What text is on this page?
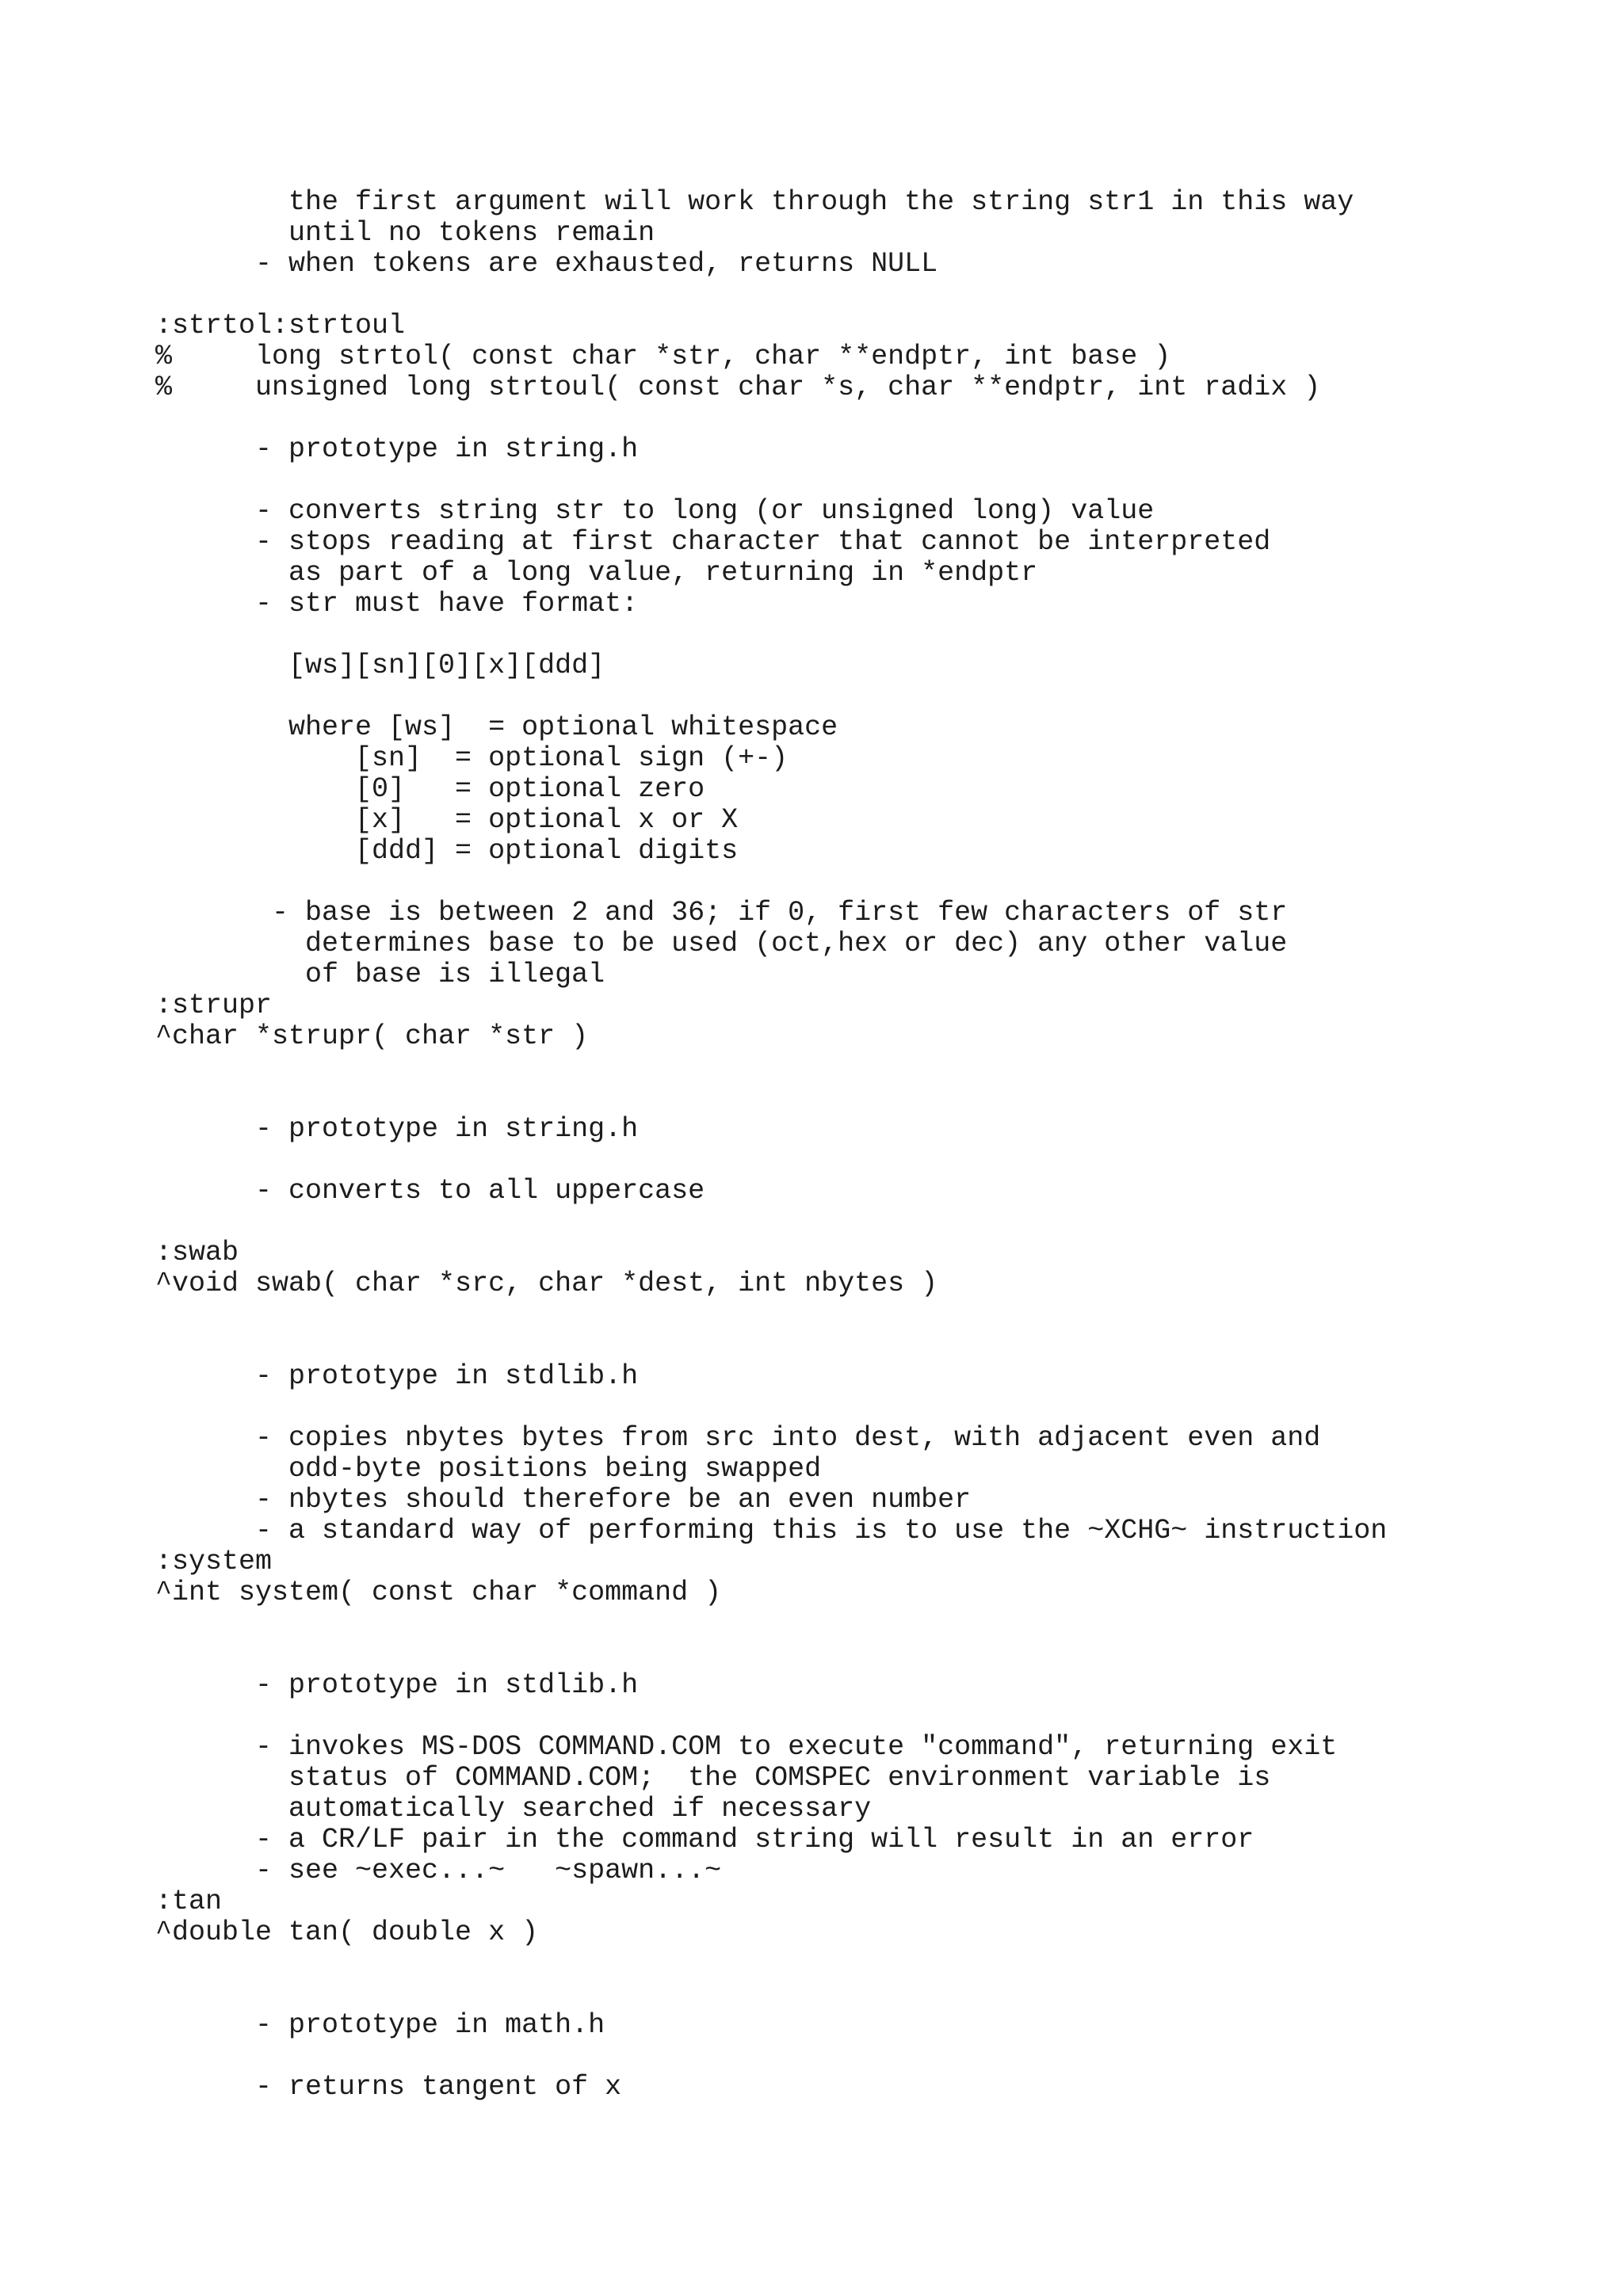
the first argument will work through the string str1 in this way
until no tokens remain
- when tokens are exhausted, returns NULL

:strtol:strtoul
%     long strtol( const char *str, char **endptr, int base )
%     unsigned long strtoul( const char *s, char **endptr, int radix )

- prototype in string.h

- converts string str to long (or unsigned long) value
- stops reading at first character that cannot be interpreted
as part of a long value, returning in *endptr
- str must have format:

[ws][sn][0][x][ddd]

where [ws]  = optional whitespace
[sn]  = optional sign (+-)
[0]   = optional zero
[x]   = optional x or X
[ddd] = optional digits

- base is between 2 and 36; if 0, first few characters of str
determines base to be used (oct,hex or dec) any other value
of base is illegal
:strupr
^char *strupr( char *str )

- prototype in string.h

- converts to all uppercase

:swab
^void swab( char *src, char *dest, int nbytes )

- prototype in stdlib.h

- copies nbytes bytes from src into dest, with adjacent even and
odd-byte positions being swapped
- nbytes should therefore be an even number
- a standard way of performing this is to use the ~XCHG~ instruction
:system
^int system( const char *command )

- prototype in stdlib.h

- invokes MS-DOS COMMAND.COM to execute "command", returning exit
status of COMMAND.COM;  the COMSPEC environment variable is
automatically searched if necessary
- a CR/LF pair in the command string will result in an error
- see ~exec...~   ~spawn...~
:tan
^double tan( double x )

- prototype in math.h

- returns tangent of x
